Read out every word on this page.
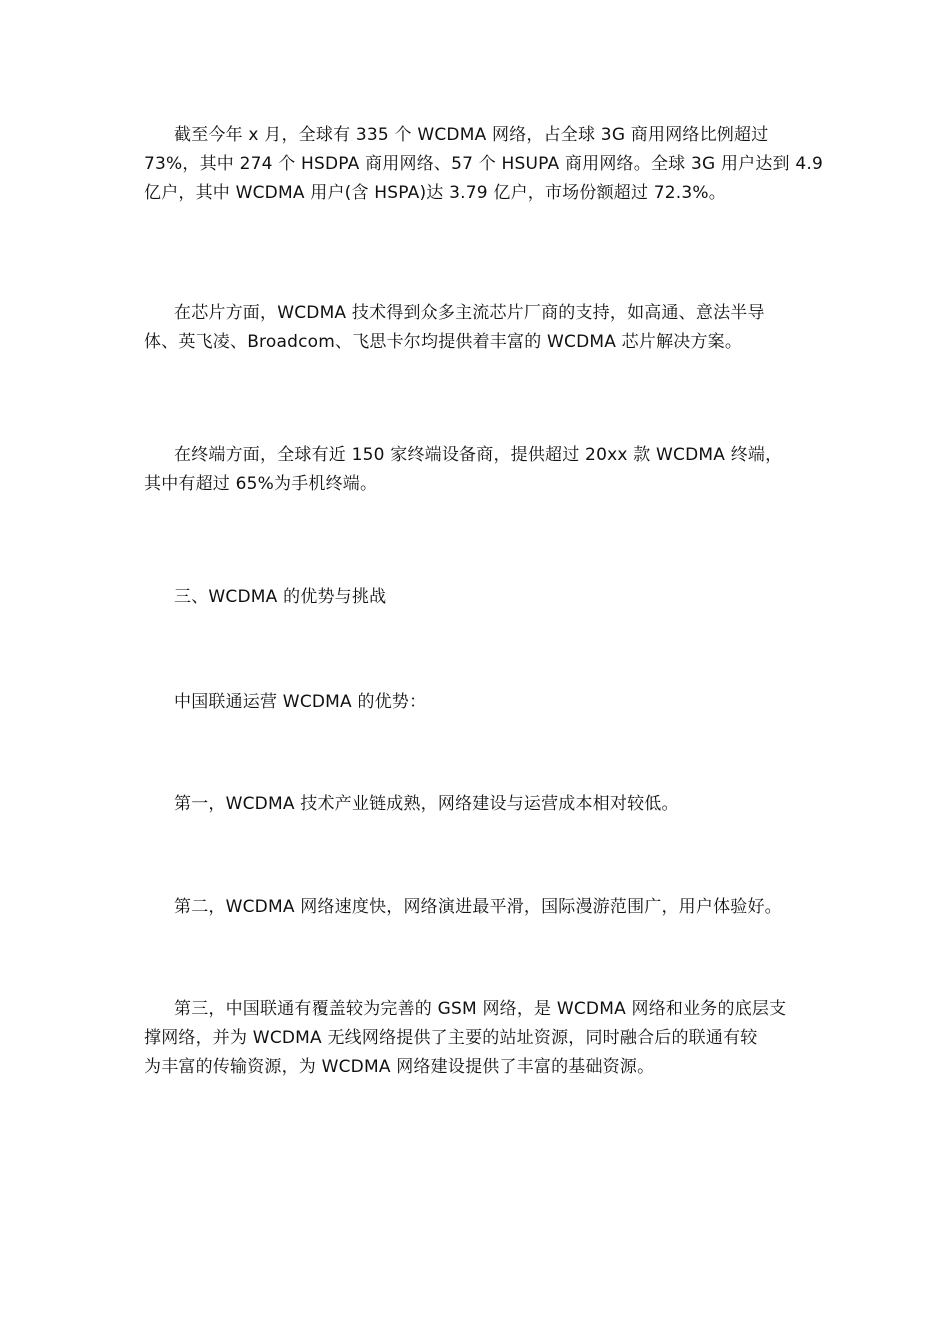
截至今年 x 月，全球有 335 个 WCDMA 网络，占全球 3G 商用网络比例超过
73%，其中 274 个 HSDPA 商用网络、57 个 HSUPA 商用网络。全球 3G 用户达到 4.9
亿户，其中 WCDMA 用户(含 HSPA)达 3.79 亿户，市场份额超过 72.3%。

在芯片方面，WCDMA 技术得到众多主流芯片厂商的支持，如高通、意法半导
体、英飞凌、Broadcom、飞思卡尔均提供着丰富的 WCDMA 芯片解决方案。

在终端方面，全球有近 150 家终端设备商，提供超过 20xx 款 WCDMA 终端，
其中有超过 65%为手机终端。

三、WCDMA 的优势与挑战

中国联通运营 WCDMA 的优势：

第一，WCDMA 技术产业链成熟，网络建设与运营成本相对较低。

第二，WCDMA 网络速度快，网络演进最平滑，国际漫游范围广，用户体验好。

第三，中国联通有覆盖较为完善的 GSM 网络，是 WCDMA 网络和业务的底层支
撑网络，并为 WCDMA 无线网络提供了主要的站址资源，同时融合后的联通有较
为丰富的传输资源，为 WCDMA 网络建设提供了丰富的基础资源。
